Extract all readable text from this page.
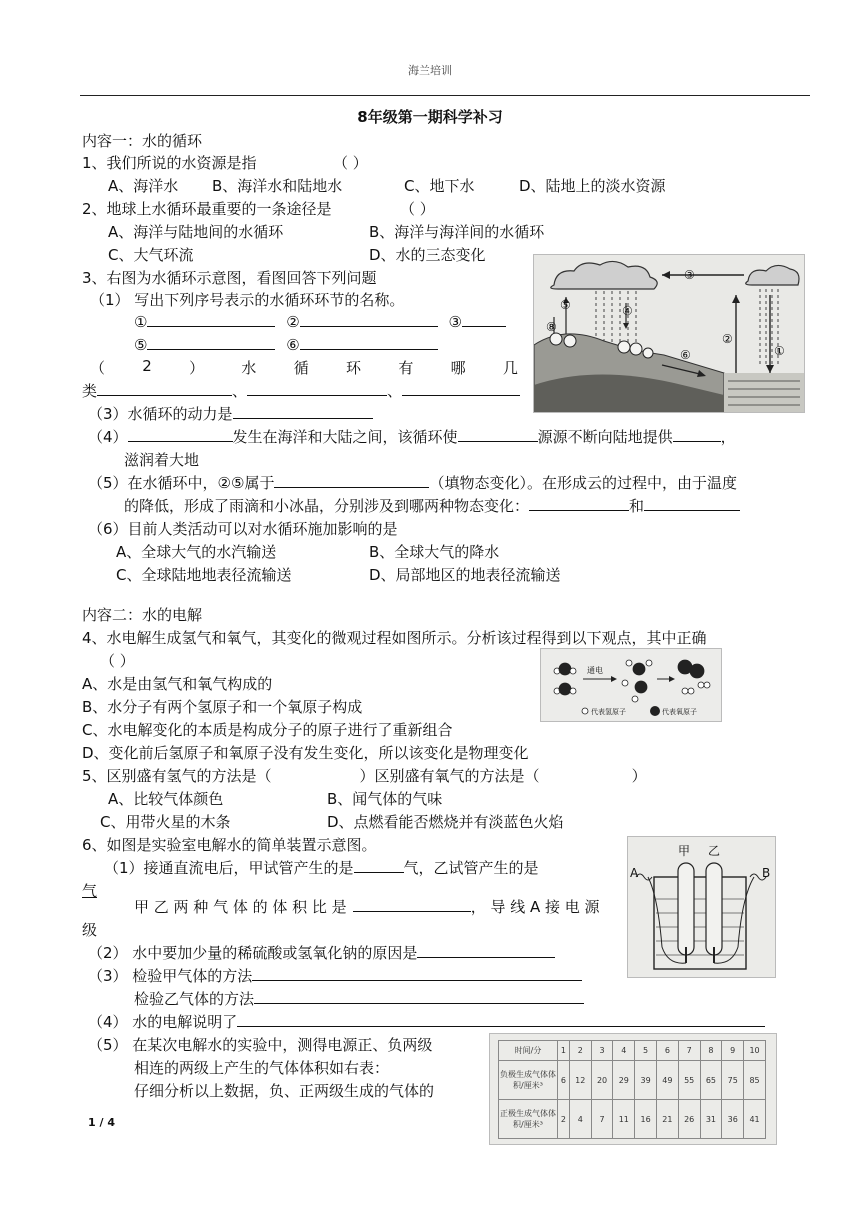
海兰培训
8年级第一期科学补习
内容一：水的循环
1、我们所说的水资源是指	（ ）
A、海洋水 B、海洋水和陆地水	C、地下水	D、陆地上的淡水资源
2、地球上水循环最重要的一条途径是	（ ）
A、海洋与陆地间的水循环	B、海洋与海洋间的水循环
C、大气环流	D、水的三态变化
3、右图为水循环示意图，看图回答下列问题
（1） 写出下列序号表示的水循环环节的名称。
①	②	③
⑤	⑥
（ 2 ） 水 循 环 有 哪 几
类	、	、
（3）水循环的动力是
（4）	发生在海洋和大陆之间，该循环使	源源不断向陆地提供	，
滋润着大地
（5）在水循环中，②⑤属于	（填物态变化）。在形成云的过程中，由于温度
的降低，形成了雨滴和小冰晶，分别涉及到哪两种物态变化：	和
（6）目前人类活动可以对水循环施加影响的是
A、全球大气的水汽输送	B、全球大气的降水
C、全球陆地地表径流输送	D、局部地区的地表径流输送
③
④
⑤
⑧
②
①
⑥
内容二：水的电解
4、水电解生成氢气和氧气，其变化的微观过程如图所示。分析该过程得到以下观点，其中正确
（ ）
A、水是由氢气和氧气构成的
B、水分子有两个氢原子和一个氧原子构成
C、水电解变化的本质是构成分子的原子进行了重新组合
D、变化前后氢原子和氧原子没有发生变化，所以该变化是物理变化
通电
代表氢原子	代表氧原子
5、区别盛有氢气的方法是（	）区别盛有氧气的方法是（	）
A、比较气体颜色	B、闻气体的气味
C、用带火星的木条	D、点燃看能否燃烧并有淡蓝色火焰
6、如图是实验室电解水的简单装置示意图。
（1）接通直流电后，甲试管产生的是	气，乙试管产生的是
气
甲 乙 两 种 气 体 的 体 积 比 是	， 导 线 A 接 电 源
级
（2） 水中要加少量的稀硫酸或氢氧化钠的原因是
（3） 检验甲气体的方法
检验乙气体的方法
（4） 水的电解说明了
（5） 在某次电解水的实验中，测得电源正、负两级
相连的两级上产生的气体体积如右表：
仔细分析以上数据，负、正两级生成的气体的
甲 乙
A	B
时间/分	1	2	3	4	5	6	7	8	9	10
负极生成气体体积/厘米³	6	12	20	29	39	49	55	65	75	85
正极生成气体体积/厘米³	2	4	7	11	16	21	26	31	36	41
1 / 4
